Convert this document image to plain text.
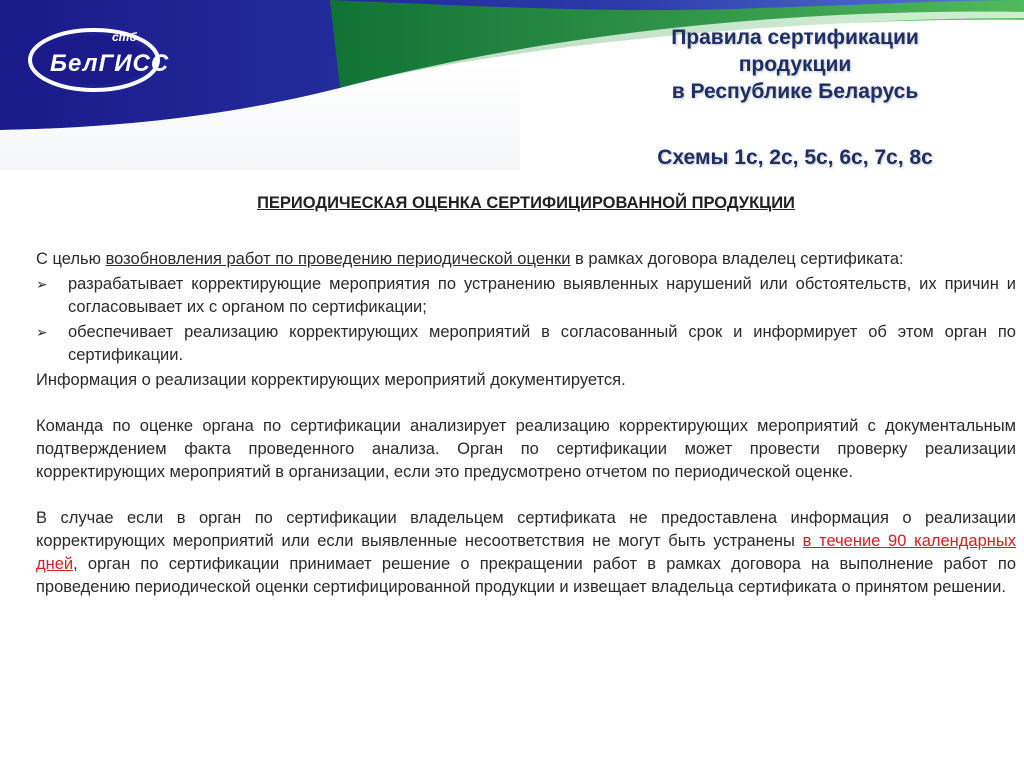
БелГИСС
стб	Правила сертификации
продукции
в Республике Беларусь
Схемы 1с, 2с, 5с, 6с, 7с, 8с
ПЕРИОДИЧЕСКАЯ ОЦЕНКА СЕРТИФИЦИРОВАННОЙ ПРОДУКЦИИ

С целью возобновления работ по проведению периодической оценки в рамках договора владелец сертификата:

➢ разрабатывает корректирующие мероприятия по устранению выявленных нарушений или обстоятельств, их причин и согласовывает их с органом по сертификации;
➢ обеспечивает реализацию корректирующих мероприятий в согласованный срок и информирует об этом орган по сертификации.

Информация о реализации корректирующих мероприятий документируется.

Команда по оценке органа по сертификации анализирует реализацию корректирующих мероприятий с документальным подтверждением факта проведенного анализа. Орган по сертификации может провести проверку реализации корректирующих мероприятий в организации, если это предусмотрено отчетом по периодической оценке.

В случае если в орган по сертификации владельцем сертификата не предоставлена информация о реализации корректирующих мероприятий или если выявленные несоответствия не могут быть устранены в течение 90 календарных дней, орган по сертификации принимает решение о прекращении работ в рамках договора на выполнение работ по проведению периодической оценки сертифицированной продукции и извещает владельца сертификата о принятом решении.
